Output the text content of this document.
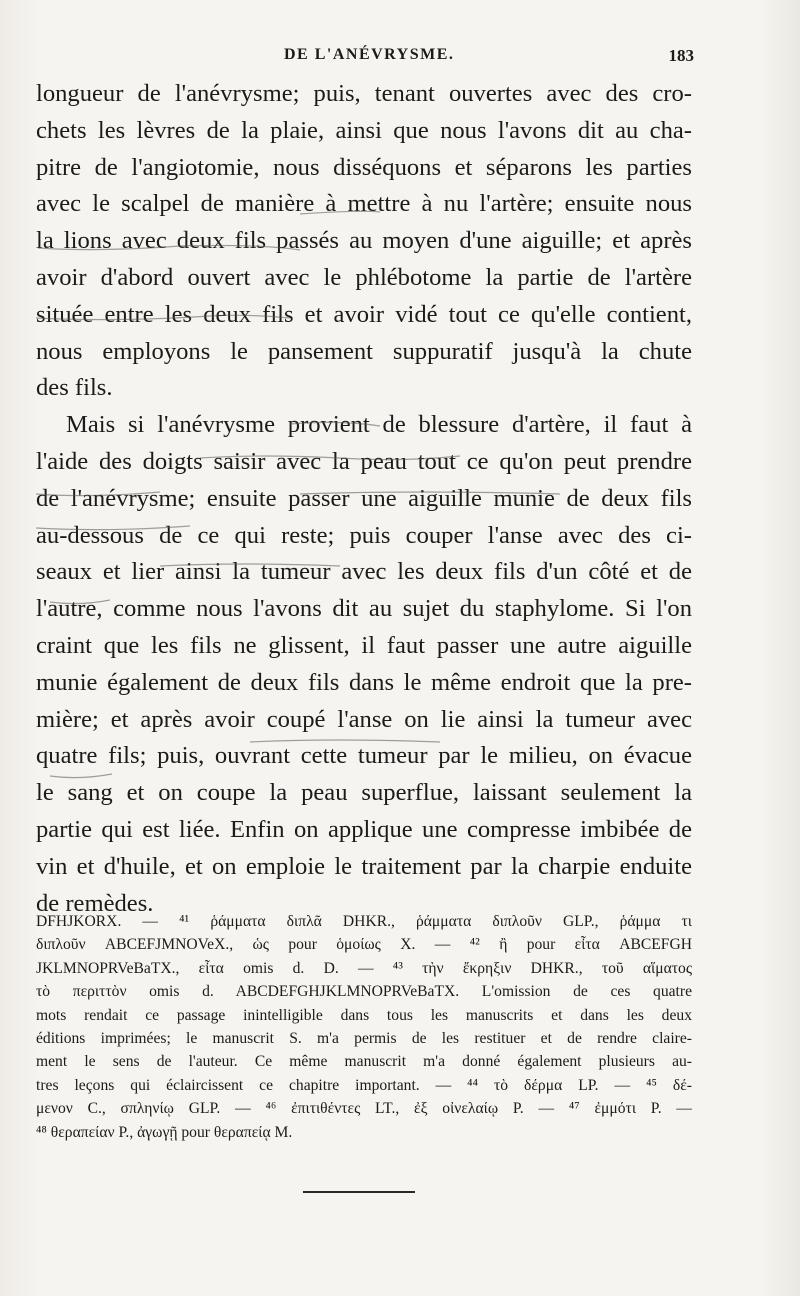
DE L'ANÉVRYSME.	183
longueur de l'anévrysme; puis, tenant ouvertes avec des cro-
chets les lèvres de la plaie, ainsi que nous l'avons dit au cha-
pitre de l'angiotomie, nous disséquons et séparons les parties
avec le scalpel de manière à mettre à nu l'artère; ensuite nous
la lions avec deux fils passés au moyen d'une aiguille; et après
avoir d'abord ouvert avec le phlébotome la partie de l'artère
située entre les deux fils et avoir vidé tout ce qu'elle contient,
nous employons le pansement suppuratif jusqu'à la chute
des fils.
Mais si l'anévrysme provient de blessure d'artère, il faut à
l'aide des doigts saisir avec la peau tout ce qu'on peut prendre
de l'anévrysme; ensuite passer une aiguille munie de deux fils
au-dessous de ce qui reste; puis couper l'anse avec des ci-
seaux et lier ainsi la tumeur avec les deux fils d'un côté et de
l'autre, comme nous l'avons dit au sujet du staphylome. Si l'on
craint que les fils ne glissent, il faut passer une autre aiguille
munie également de deux fils dans le même endroit que la pre-
mière; et après avoir coupé l'anse on lie ainsi la tumeur avec
quatre fils; puis, ouvrant cette tumeur par le milieu, on évacue
le sang et on coupe la peau superflue, laissant seulement la
partie qui est liée. Enfin on applique une compresse imbibée de
vin et d'huile, et on emploie le traitement par la charpie enduite
de remèdes.
DFHJKORX. — ⁴¹ ῥάμματα διπλᾶ DHKR., ῥάμματα διπλοῦν GLP., ῥάμμα τι
διπλοῦν ABCEFJMNOVeX., ὡς pour ὁμοίως X. — ⁴² ἢ pour εἶτα ABCEFGH
JKLMNOPRVeBaTX., εἶτα omis d. D. — ⁴³ τὴν ἔκρηξιν DHKR., τοῦ αἵματος
τὸ περιττὸν omis d. ABCDEFGHJKLMNOPRVeBaTX. L'omission de ces quatre
mots rendait ce passage inintelligible dans tous les manuscrits et dans les deux
éditions imprimées; le manuscrit S. m'a permis de les restituer et de rendre claire-
ment le sens de l'auteur. Ce même manuscrit m'a donné également plusieurs au-
tres leçons qui éclaircissent ce chapitre important. — ⁴⁴ τὸ δέρμα LP. — ⁴⁵ δέ-
μενον C., σπληνίῳ GLP. — ⁴⁶ ἐπιτιθέντες LT., ἐξ οἰνελαίῳ P. — ⁴⁷ ἐμμότι P. —
⁴⁸ θεραπείαν P., ἀγωγῇ pour θεραπείᾳ M.
